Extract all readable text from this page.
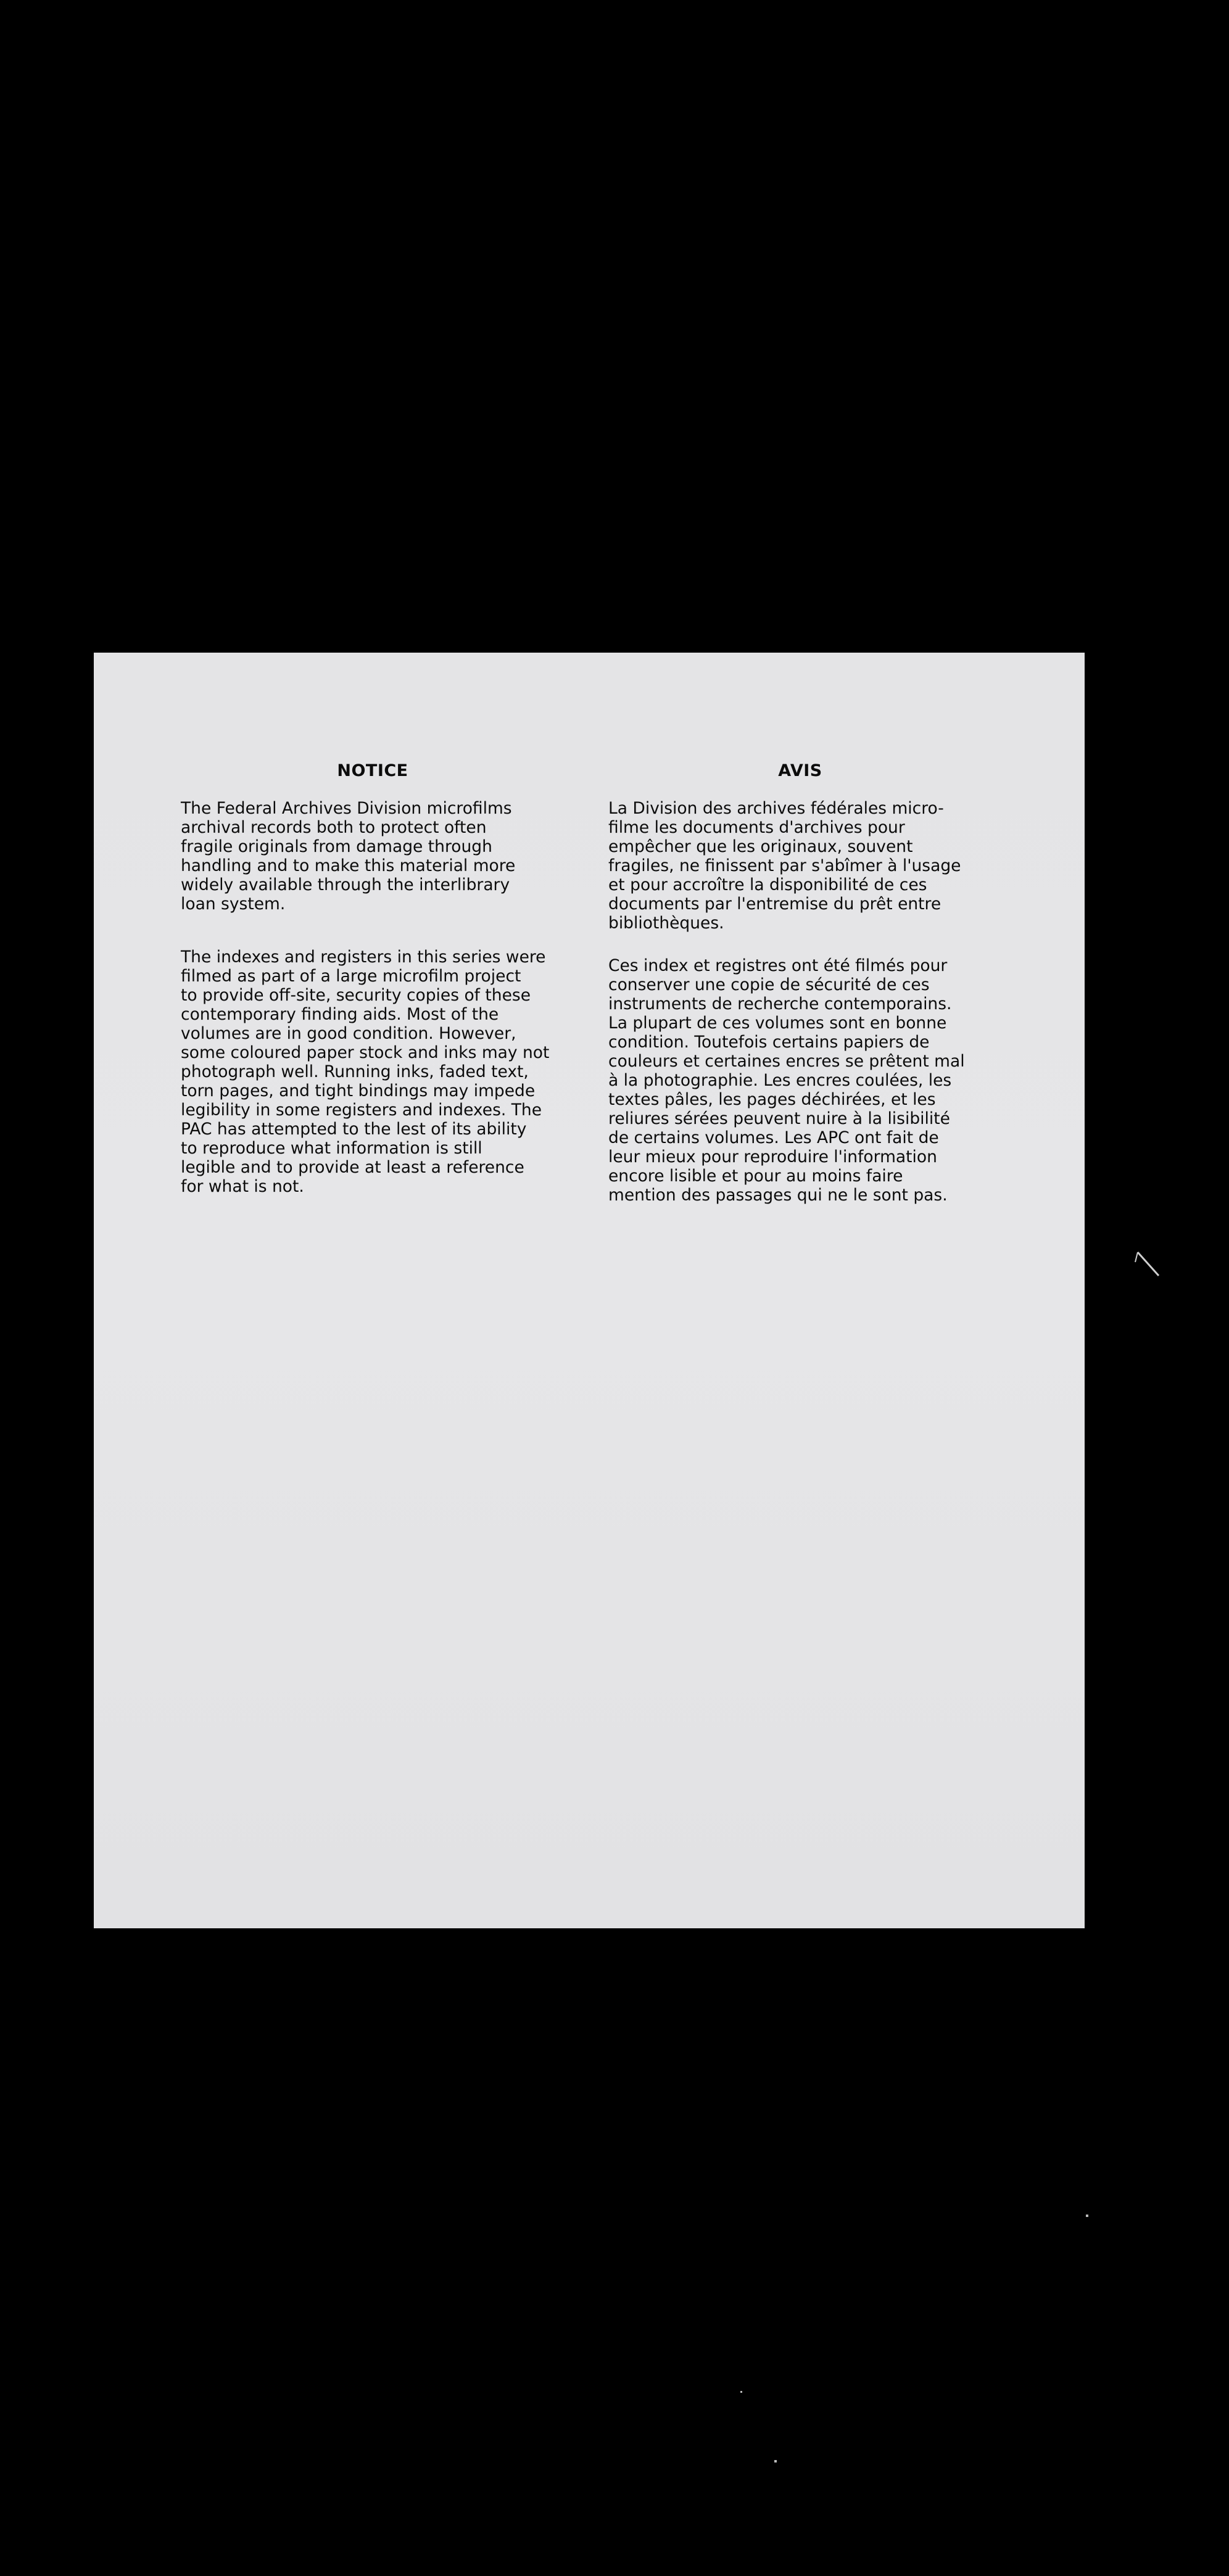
NOTICE

The Federal Archives Division microfilms
archival records both to protect often
fragile originals from damage through
handling and to make this material more
widely available through the interlibrary
loan system.

The indexes and registers in this series were
filmed as part of a large microfilm project
to provide off-site, security copies of these
contemporary finding aids. Most of the
volumes are in good condition. However,
some coloured paper stock and inks may not
photograph well. Running inks, faded text,
torn pages, and tight bindings may impede
legibility in some registers and indexes. The
PAC has attempted to the lest of its ability
to reproduce what information is still
legible and to provide at least a reference
for what is not.

AVIS

La Division des archives fédérales micro-
filme les documents d'archives pour
empêcher que les originaux, souvent
fragiles, ne finissent par s'abîmer à l'usage
et pour accroître la disponibilité de ces
documents par l'entremise du prêt entre
bibliothèques.

Ces index et registres ont été filmés pour
conserver une copie de sécurité de ces
instruments de recherche contemporains.
La plupart de ces volumes sont en bonne
condition. Toutefois certains papiers de
couleurs et certaines encres se prêtent mal
à la photographie. Les encres coulées, les
textes pâles, les pages déchirées, et les
reliures sérées peuvent nuire à la lisibilité
de certains volumes. Les APC ont fait de
leur mieux pour reproduire l'information
encore lisible et pour au moins faire
mention des passages qui ne le sont pas.
